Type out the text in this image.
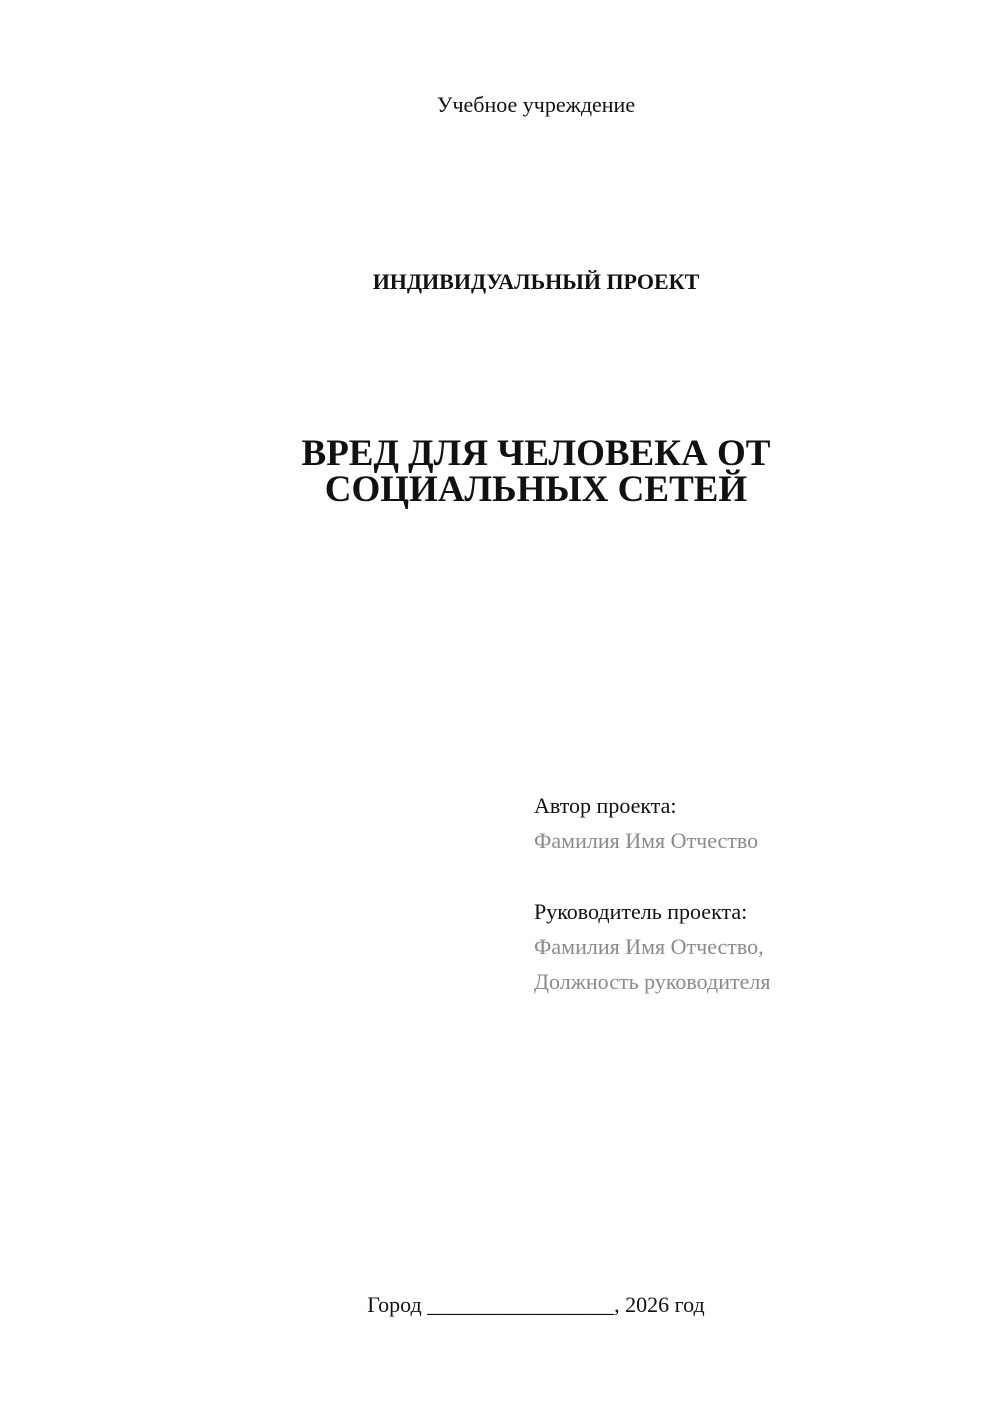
Учебное учреждение
ИНДИВИДУАЛЬНЫЙ ПРОЕКТ
ВРЕД ДЛЯ ЧЕЛОВЕКА ОТ
СОЦИАЛЬНЫХ СЕТЕЙ
Автор проекта:
Фамилия Имя Отчество
Руководитель проекта:
Фамилия Имя Отчество,
Должность руководителя
Город _________________, 2026 год
